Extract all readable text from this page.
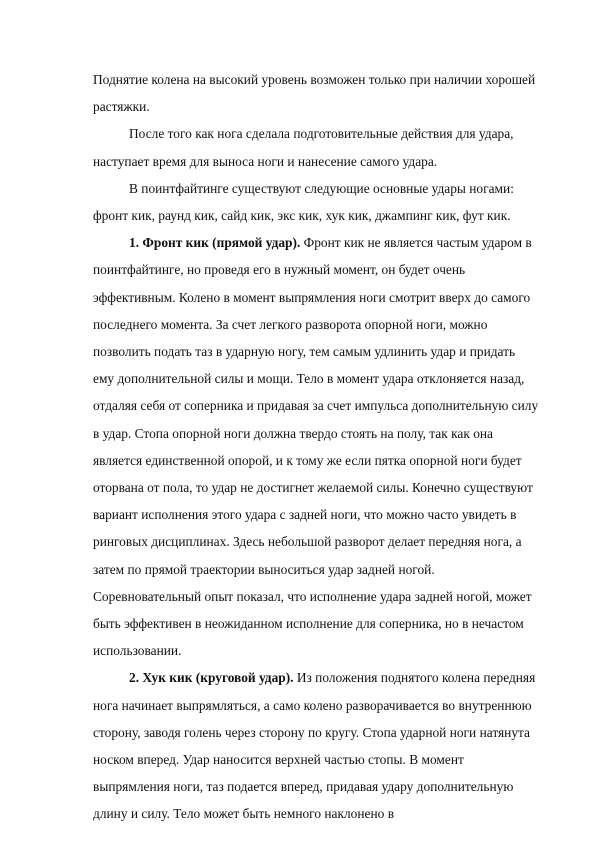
Поднятие колена на высокий уровень возможен только при наличии хорошей растяжки.

После того как нога сделала подготовительные действия для удара, наступает время для выноса ноги и нанесение самого удара.

В поинтфайтинге существуют следующие основные удары ногами: фронт кик, раунд кик, сайд кик, экс кик, хук кик, джампинг кик, фут кик.

1. Фронт кик (прямой удар). Фронт кик не является частым ударом в поинтфайтинге, но проведя его в нужный момент, он будет очень эффективным. Колено в момент выпрямления ноги смотрит вверх до самого последнего момента. За счет легкого разворота опорной ноги, можно позволить подать таз в ударную ногу, тем самым удлинить удар и придать ему дополнительной силы и мощи. Тело в момент удара отклоняется назад, отдаляя себя от соперника и придавая за счет импульса дополнительную силу в удар. Стопа опорной ноги должна твердо стоять на полу, так как она является единственной опорой, и к тому же если пятка опорной ноги будет оторвана от пола, то удар не достигнет желаемой силы. Конечно существуют вариант исполнения этого удара с задней ноги, что можно часто увидеть в ринговых дисциплинах. Здесь небольшой разворот делает передняя нога, а затем по прямой траектории выноситься удар задней ногой. Соревновательный опыт показал, что исполнение удара задней ногой, может быть эффективен в неожиданном исполнение для соперника, но в нечастом использовании.

2. Хук кик (круговой удар). Из положения поднятого колена передняя нога начинает выпрямляться, а само колено разворачивается во внутреннюю сторону, заводя голень через сторону по кругу. Стопа ударной ноги натянута носком вперед. Удар наносится верхней частью стопы. В момент выпрямления ноги, таз подается вперед, придавая удару дополнительную длину и силу. Тело может быть немного наклонено в
